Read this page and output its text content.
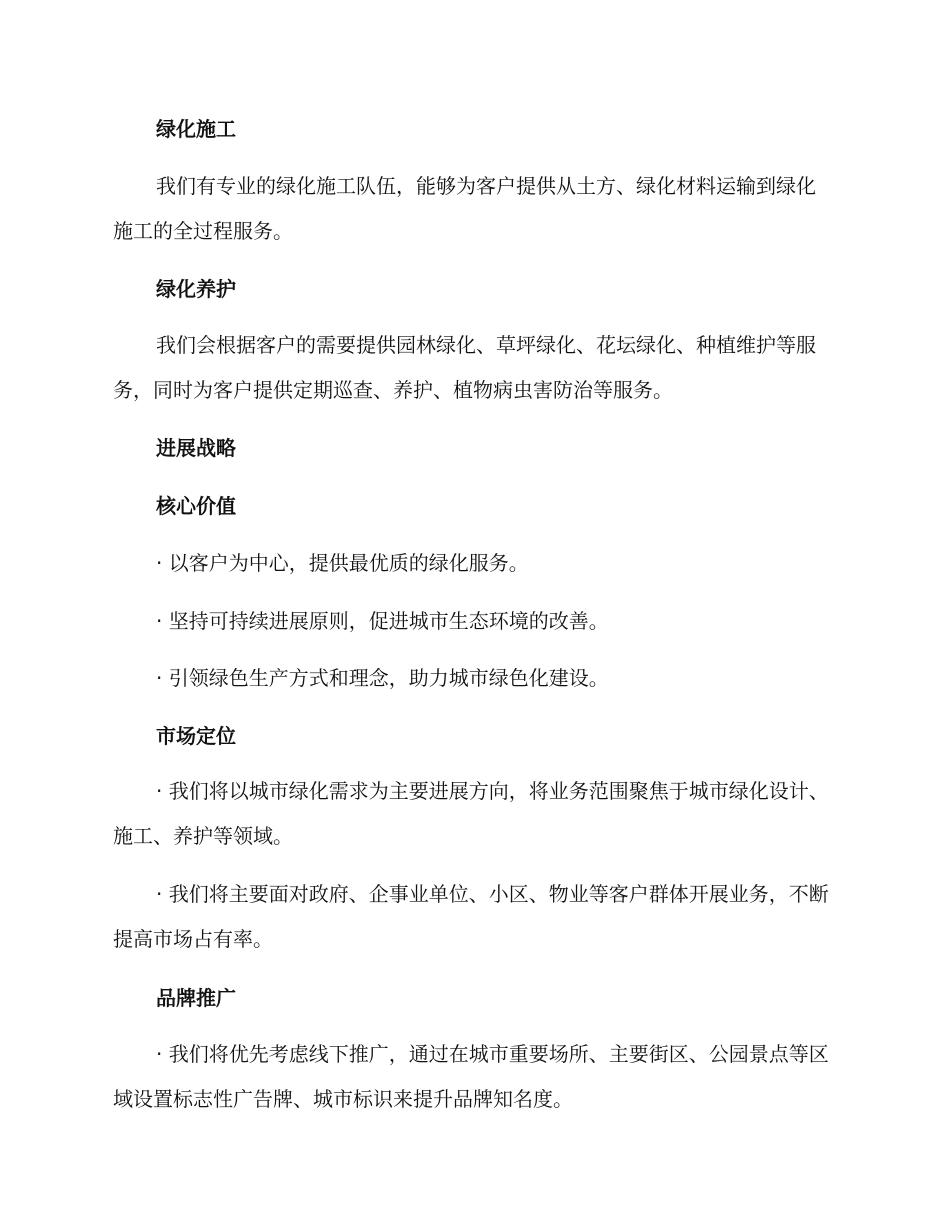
绿化施工

我们有专业的绿化施工队伍，能够为客户提供从土方、绿化材料运输到绿化施工的全过程服务。

绿化养护

我们会根据客户的需要提供园林绿化、草坪绿化、花坛绿化、种植维护等服务，同时为客户提供定期巡查、养护、植物病虫害防治等服务。

进展战略

核心价值

· 以客户为中心，提供最优质的绿化服务。

· 坚持可持续进展原则，促进城市生态环境的改善。

· 引领绿色生产方式和理念，助力城市绿色化建设。

市场定位

· 我们将以城市绿化需求为主要进展方向，将业务范围聚焦于城市绿化设计、施工、养护等领域。

· 我们将主要面对政府、企事业单位、小区、物业等客户群体开展业务，不断提高市场占有率。

品牌推广

· 我们将优先考虑线下推广，通过在城市重要场所、主要街区、公园景点等区域设置标志性广告牌、城市标识来提升品牌知名度。
